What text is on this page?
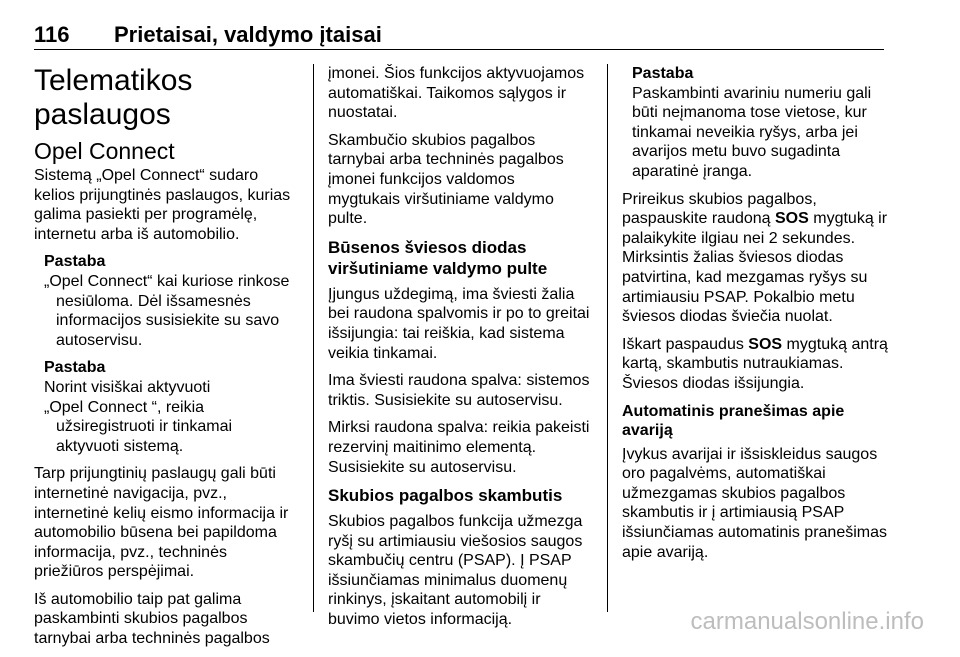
116 Prietaisai, valdymo įtaisai
Telematikos paslaugos
Opel Connect

Sistemą „Opel Connect“ sudaro kelios prijungtinės paslaugos, kurias galima pasiekti per programėlę, internetu arba iš automobilio.

Pastaba
„Opel Connect“ kai kuriose rinkose nesiūloma. Dėl išsamesnės informacijos susisiekite su savo autoservisu.
Pastaba
Norint visiškai aktyvuoti
„Opel Connect “, reikia užsiregistruoti ir tinkamai aktyvuoti sistemą.

Tarp prijungtinių paslaugų gali būti internetinė navigacija, pvz., internetinė kelių eismo informacija ir automobilio būsena bei papildoma informacija, pvz., techninės priežiūros perspėjimai.

Iš automobilio taip pat galima paskambinti skubios pagalbos tarnybai arba techninės pagalbos

įmonei. Šios funkcijos aktyvuojamos automatiškai. Taikomos sąlygos ir nuostatai.

Skambučio skubios pagalbos tarnybai arba techninės pagalbos įmonei funkcijos valdomos mygtukais viršutiniame valdymo pulte.

Būsenos šviesos diodas viršutiniame valdymo pulte

Įjungus uždegimą, ima šviesti žalia bei raudona spalvomis ir po to greitai išsijungia: tai reiškia, kad sistema veikia tinkamai.

Ima šviesti raudona spalva: sistemos triktis. Susisiekite su autoservisu.

Mirksi raudona spalva: reikia pakeisti rezervinį maitinimo elementą. Susisiekite su autoservisu.

Skubios pagalbos skambutis

Skubios pagalbos funkcija užmezga ryšį su artimiausiu viešosios saugos skambučių centru (PSAP). Į PSAP išsiunčiamas minimalus duomenų rinkinys, įskaitant automobilį ir buvimo vietos informaciją.

Pastaba
Paskambinti avariniu numeriu gali būti neįmanoma tose vietose, kur tinkamai neveikia ryšys, arba jei avarijos metu buvo sugadinta aparatinė įranga.

Prireikus skubios pagalbos, paspauskite raudoną SOS mygtuką ir palaikykite ilgiau nei 2 sekundes. Mirksintis žalias šviesos diodas patvirtina, kad mezgamas ryšys su artimiausiu PSAP. Pokalbio metu šviesos diodas šviečia nuolat.

Iškart paspaudus SOS mygtuką antrą kartą, skambutis nutraukiamas. Šviesos diodas išsijungia.

Automatinis pranešimas apie avariją

Įvykus avarijai ir išsiskleidus saugos oro pagalvėms, automatiškai užmezgamas skubios pagalbos skambutis ir į artimiausią PSAP išsiunčiamas automatinis pranešimas apie avariją.

carmanualsonline.info
